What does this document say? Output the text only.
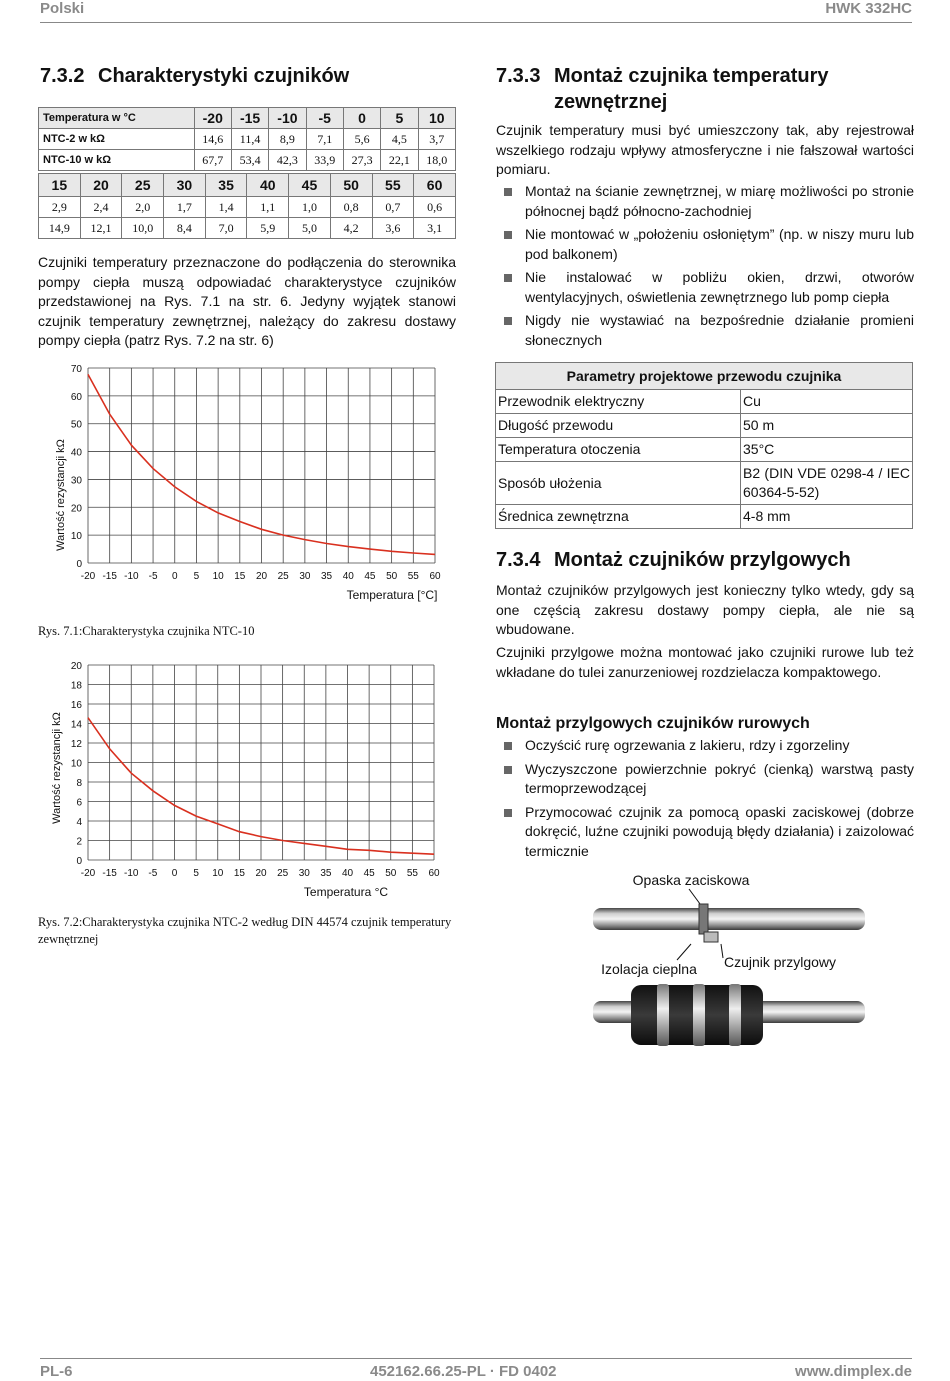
Polski	HWK 332HC
7.3.2 Charakterystyki czujników
Temperatura w °C	-20	-15	-10	-5	0	5	10
NTC-2 w kΩ	14,6	11,4	8,9	7,1	5,6	4,5	3,7
NTC-10 w kΩ	67,7	53,4	42,3	33,9	27,3	22,1	18,0
15	20	25	30	35	40	45	50	55	60
2,9	2,4	2,0	1,7	1,4	1,1	1,0	0,8	0,7	0,6
14,9	12,1	10,0	8,4	7,0	5,9	5,0	4,2	3,6	3,1

Czujniki temperatury przeznaczone do podłączenia do sterownika pompy ciepła muszą odpowiadać charakterystyce czujników przedstawionej na Rys. 7.1 na str. 6. Jedyny wyjątek stanowi czujnik temperatury zewnętrznej, należący do zakresu dostawy pompy ciepła (patrz Rys. 7.2 na str. 6)

0
10
20
30
40
50
60
70
-20 -15 -10 -5 0 5 10 15 20 25 30 35 40 45 50 55 60
Wartość rezystancji kΩ
Temperatura [°C]

Rys. 7.1:Charakterystyka czujnika NTC-10

0
2
4
6
8
10
12
14
16
18
20
-20 -15 -10 -5 0 5 10 15 20 25 30 35 40 45 50 55 60
Wartość rezystancji kΩ
Temperatura °C

Rys. 7.2:Charakterystyka czujnika NTC-2 według DIN 44574 czujnik temperatury zewnętrznej

7.3.3 Montaż czujnika temperatury
zewnętrznej

Czujnik temperatury musi być umieszczony tak, aby rejestrował wszelkiego rodzaju wpływy atmosferyczne i nie fałszował wartości pomiaru.

Montaż na ścianie zewnętrznej, w miarę możliwości po stronie północnej bądź północno-zachodniej
Nie montować w „położeniu osłoniętym” (np. w niszy muru lub pod balkonem)
Nie instalować w pobliżu okien, drzwi, otworów wentylacyjnych, oświetlenia zewnętrznego lub pomp ciepła
Nigdy nie wystawiać na bezpośrednie działanie promieni słonecznych
Parametry projektowe przewodu czujnika	
Przewodnik elektryczny	Cu
Długość przewodu	50 m
Temperatura otoczenia	35°C
Sposób ułożenia	B2 (DIN VDE 0298-4 / IEC 60364-5-52)
Średnica zewnętrzna	4-8 mm
7.3.4 Montaż czujników przylgowych

Montaż czujników przylgowych jest konieczny tylko wtedy, gdy są one częścią zakresu dostawy pompy ciepła, ale nie są wbudowane.

Czujniki przylgowe można montować jako czujniki rurowe lub też wkładane do tulei zanurzeniowej rozdzielacza kompaktowego.

Montaż przylgowych czujników rurowych
Oczyścić rurę ogrzewania z lakieru, rdzy i zgorzeliny
Wyczyszczone powierzchnie pokryć (cienką) warstwą pasty termoprzewodzącej
Przymocować czujnik za pomocą opaski zaciskowej (dobrze dokręcić, luźne czujniki powodują błędy działania) i zaizolować termicznie
Opaska zaciskowa
Izolacja cieplna Czujnik przylgowy
PL-6	452162.66.25-PL · FD 0402	www.dimplex.de
